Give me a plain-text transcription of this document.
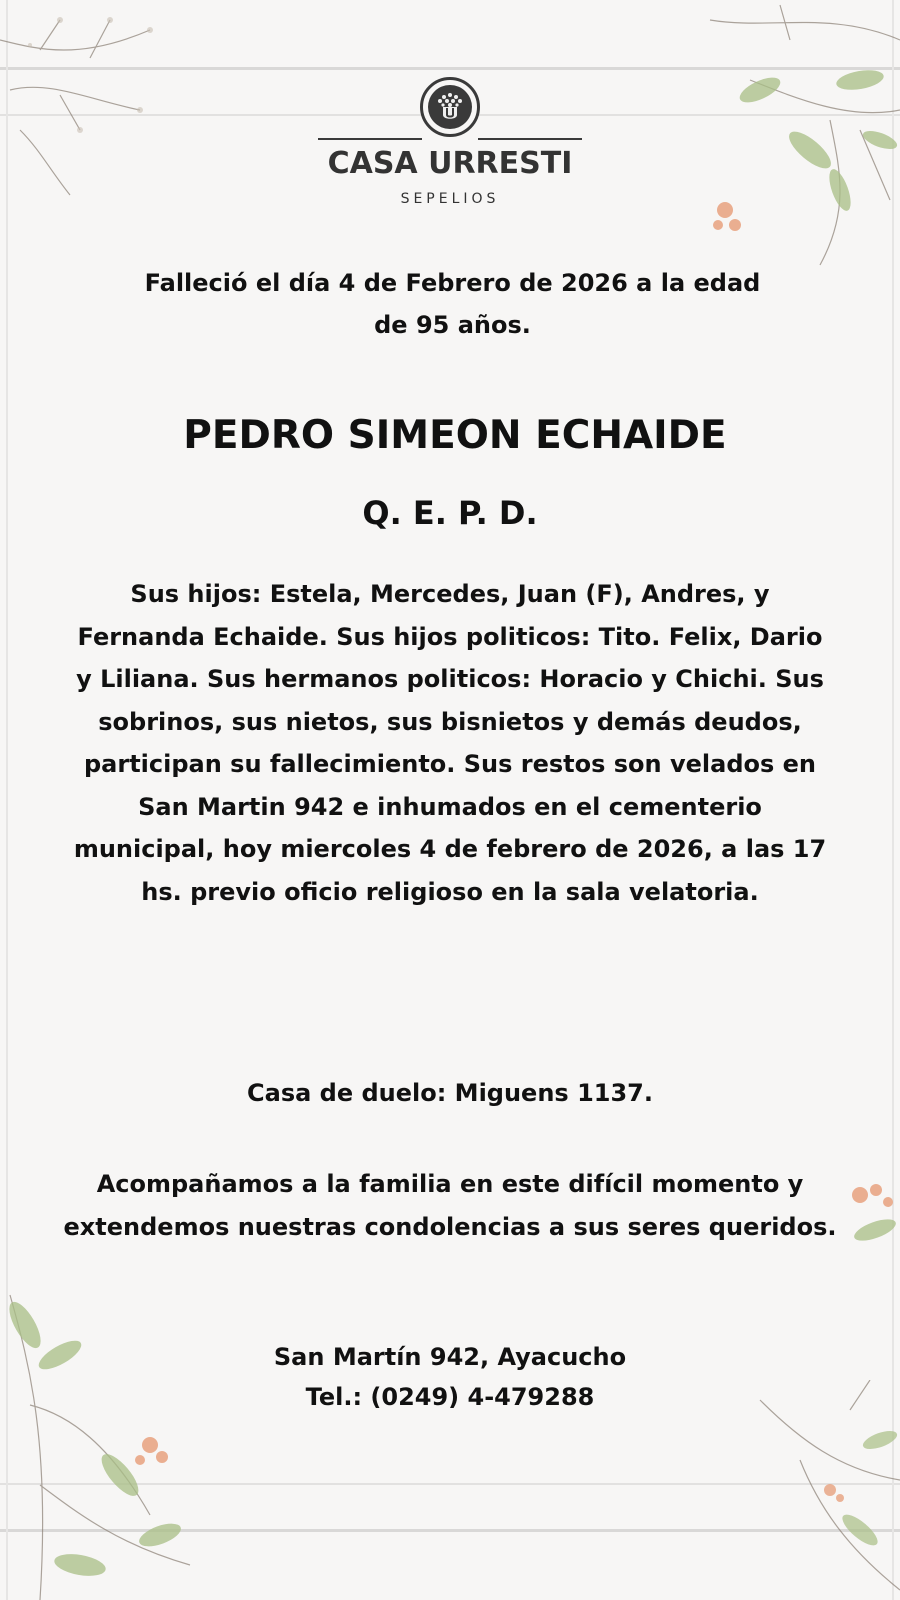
CASA URRESTI
SEPELIOS
Falleció el día 4 de Febrero de 2026 a la edad de 95 años.
PEDRO SIMEON ECHAIDE
Q. E. P. D.
Sus hijos: Estela, Mercedes, Juan (F), Andres, y Fernanda Echaide. Sus hijos politicos: Tito. Felix, Dario y Liliana. Sus hermanos politicos: Horacio y Chichi. Sus sobrinos, sus nietos, sus bisnietos y demás deudos, participan su fallecimiento. Sus restos son velados en San Martin 942 e inhumados en el cementerio municipal, hoy miercoles 4 de febrero de 2026, a las 17 hs. previo oficio religioso en la sala velatoria.
Casa de duelo: Miguens 1137.
Acompañamos a la familia en este difícil momento y extendemos nuestras condolencias a sus seres queridos.
San Martín 942, Ayacucho
Tel.: (0249) 4-479288
